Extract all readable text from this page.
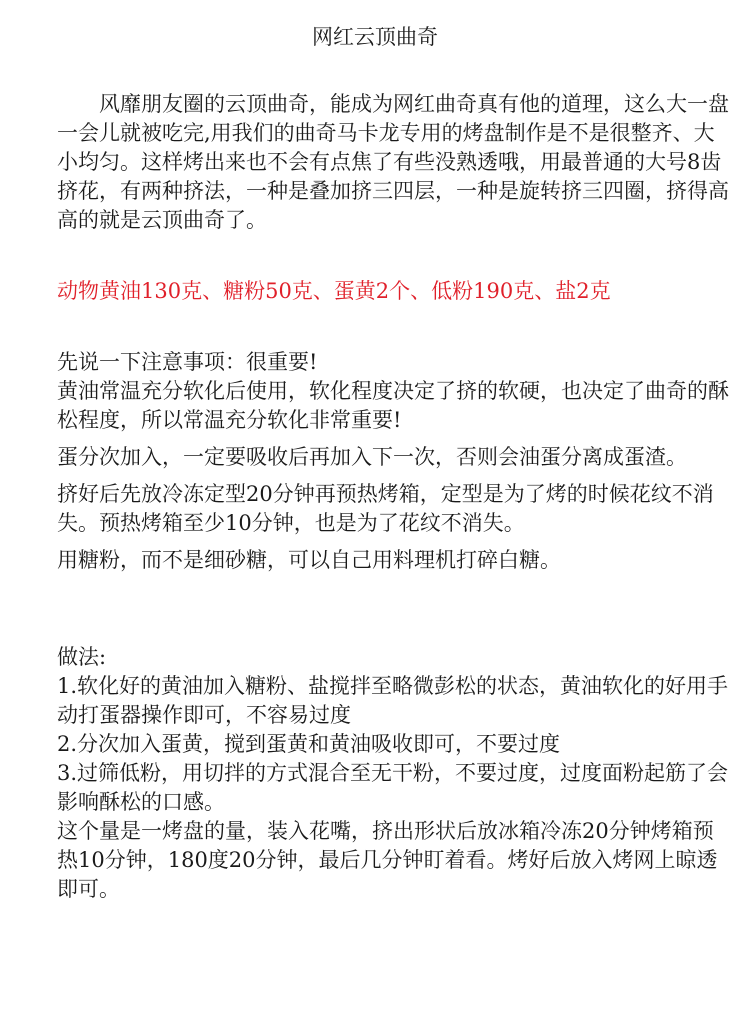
网红云顶曲奇

风靡朋友圈的云顶曲奇，能成为网红曲奇真有他的道理，这么大一盘一会儿就被吃完,用我们的曲奇马卡龙专用的烤盘制作是不是很整齐、大小均匀。这样烤出来也不会有点焦了有些没熟透哦，用最普通的大号8齿挤花，有两种挤法，一种是叠加挤三四层，一种是旋转挤三四圈，挤得高高的就是云顶曲奇了。

动物黄油130克、糖粉50克、蛋黄2个、低粉190克、盐2克

先说一下注意事项：很重要!

黄油常温充分软化后使用，软化程度决定了挤的软硬，也决定了曲奇的酥松程度，所以常温充分软化非常重要!

蛋分次加入，一定要吸收后再加入下一次，否则会油蛋分离成蛋渣。

挤好后先放冷冻定型20分钟再预热烤箱，定型是为了烤的时候花纹不消失。预热烤箱至少10分钟，也是为了花纹不消失。

用糖粉，而不是细砂糖，可以自己用料理机打碎白糖。

做法:

1.软化好的黄油加入糖粉、盐搅拌至略微彭松的状态，黄油软化的好用手动打蛋器操作即可，不容易过度

2.分次加入蛋黄，搅到蛋黄和黄油吸收即可，不要过度

3.过筛低粉，用切拌的方式混合至无干粉，不要过度，过度面粉起筋了会影响酥松的口感。

这个量是一烤盘的量，装入花嘴，挤出形状后放冰箱冷冻20分钟烤箱预热10分钟，180度20分钟，最后几分钟盯着看。烤好后放入烤网上晾透即可。
